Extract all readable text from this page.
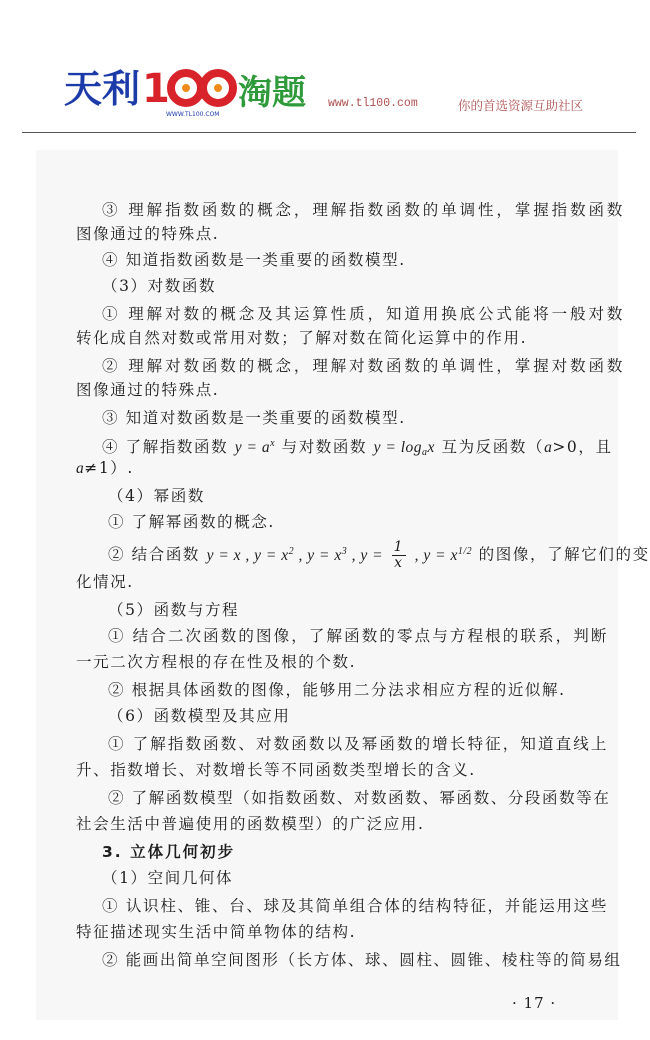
天利 1
WWW.TL100.COM
淘题 www.tl100.com	你的首选资源互助社区
③ 理解指数函数的概念，理解指数函数的单调性，掌握指数函数
图像通过的特殊点.
④ 知道指数函数是一类重要的函数模型.
（3）对数函数
① 理解对数的概念及其运算性质，知道用换底公式能将一般对数
转化成自然对数或常用对数；了解对数在简化运算中的作用.
② 理解对数函数的概念，理解对数函数的单调性，掌握对数函数
图像通过的特殊点.
③ 知道对数函数是一类重要的函数模型.
④ 了解指数函数 $y = a^x$ 与对数函数 $y = \log_ax$ 互为反函数（a>0，且
a≠1）.
（4）幂函数
① 了解幂函数的概念.
② 结合函数 y = x , $y = x^2$ , $y = x^3$ , $y = \frac{1}{x}$ , $y = x^{1/2}$ 的图像，了解它们的变
化情况.
（5）函数与方程
① 结合二次函数的图像，了解函数的零点与方程根的联系，判断
一元二次方程根的存在性及根的个数.
② 根据具体函数的图像，能够用二分法求相应方程的近似解.
（6）函数模型及其应用
① 了解指数函数、对数函数以及幂函数的增长特征，知道直线上
升、指数增长、对数增长等不同函数类型增长的含义.
② 了解函数模型（如指数函数、对数函数、幂函数、分段函数等在
社会生活中普遍使用的函数模型）的广泛应用.
3. 立体几何初步
（1）空间几何体
① 认识柱、锥、台、球及其简单组合体的结构特征，并能运用这些
特征描述现实生活中简单物体的结构.
② 能画出简单空间图形（长方体、球、圆柱、圆锥、棱柱等的简易组
· 17 ·
